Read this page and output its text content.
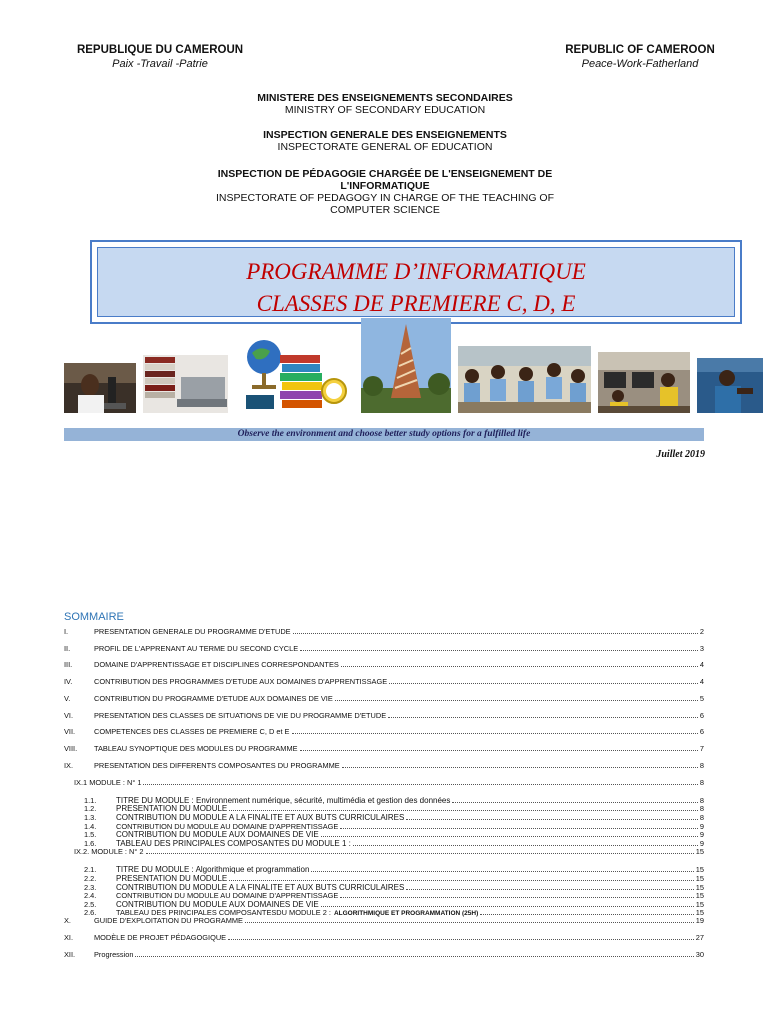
REPUBLIQUE DU CAMEROUN
Paix -Travail -Patrie
REPUBLIC OF CAMEROON
Peace-Work-Fatherland
MINISTERE DES ENSEIGNEMENTS SECONDAIRES
MINISTRY OF SECONDARY EDUCATION
INSPECTION GENERALE DES ENSEIGNEMENTS
INSPECTORATE GENERAL OF EDUCATION
INSPECTION DE PÉDAGOGIE CHARGÉE DE L'ENSEIGNEMENT DE
L'INFORMATIQUE
INSPECTORATE OF PEDAGOGY IN CHARGE OF THE TEACHING OF
COMPUTER SCIENCE
PROGRAMME D’INFORMATIQUE
CLASSES DE PREMIERE C, D, E
Observe the environment and choose better study options for a fulfilled life
Juillet 2019
SOMMAIRE
I.	PRESENTATION GENERALE DU PROGRAMME D'ETUDE	2
II.	PROFIL DE L'APPRENANT AU TERME DU SECOND CYCLE	3
III.	DOMAINE D'APPRENTISSAGE ET DISCIPLINES CORRESPONDANTES	4
IV.	CONTRIBUTION DES PROGRAMMES D'ETUDE AUX DOMAINES D'APPRENTISSAGE	4
V.	CONTRIBUTION DU PROGRAMME D'ETUDE AUX DOMAINES DE VIE	5
VI.	PRESENTATION DES CLASSES DE SITUATIONS DE VIE DU PROGRAMME D'ETUDE	6
VII.	COMPETENCES DES CLASSES DE PREMIERE C, D et E	6
VIII.	TABLEAU SYNOPTIQUE DES MODULES DU PROGRAMME	7
IX.	PRESENTATION DES DIFFERENTS COMPOSANTES DU PROGRAMME	8
IX.1 MODULE : N° 1	8
1.1.	TITRE DU MODULE : Environnement numérique, sécurité, multimédia et gestion des données	8
1.2.	PRESENTATION DU MODULE	8
1.3.	CONTRIBUTION DU MODULE A LA FINALITE ET AUX BUTS CURRICULAIRES	8
1.4.	CONTRIBUTION DU MODULE AU DOMAINE D'APPRENTISSAGE	9
1.5.	CONTRIBUTION DU MODULE AUX DOMAINES DE VIE	9
1.6.	TABLEAU DES PRINCIPALES COMPOSANTES DU MODULE 1 :	9
IX.2. MODULE : N° 2	15
2.1.	TITRE DU MODULE : Algorithmique et programmation	15
2.2.	PRESENTATION DU MODULE	15
2.3.	CONTRIBUTION DU MODULE A LA FINALITE ET AUX BUTS CURRICULAIRES	15
2.4.	CONTRIBUTION DU MODULE AU DOMAINE D'APPRENTISSAGE	15
2.5.	CONTRIBUTION DU MODULE AUX DOMAINES DE VIE	15
2.6.	TABLEAU DES PRINCIPALES COMPOSANTESDU MODULE 2 : ALGORITHMIQUE ET PROGRAMMATION (25H)	15
X.	GUIDE D'EXPLOITATION DU PROGRAMME	19
XI.	MODÈLE DE PROJET PÉDAGOGIQUE	27
XII.	Progression	30
